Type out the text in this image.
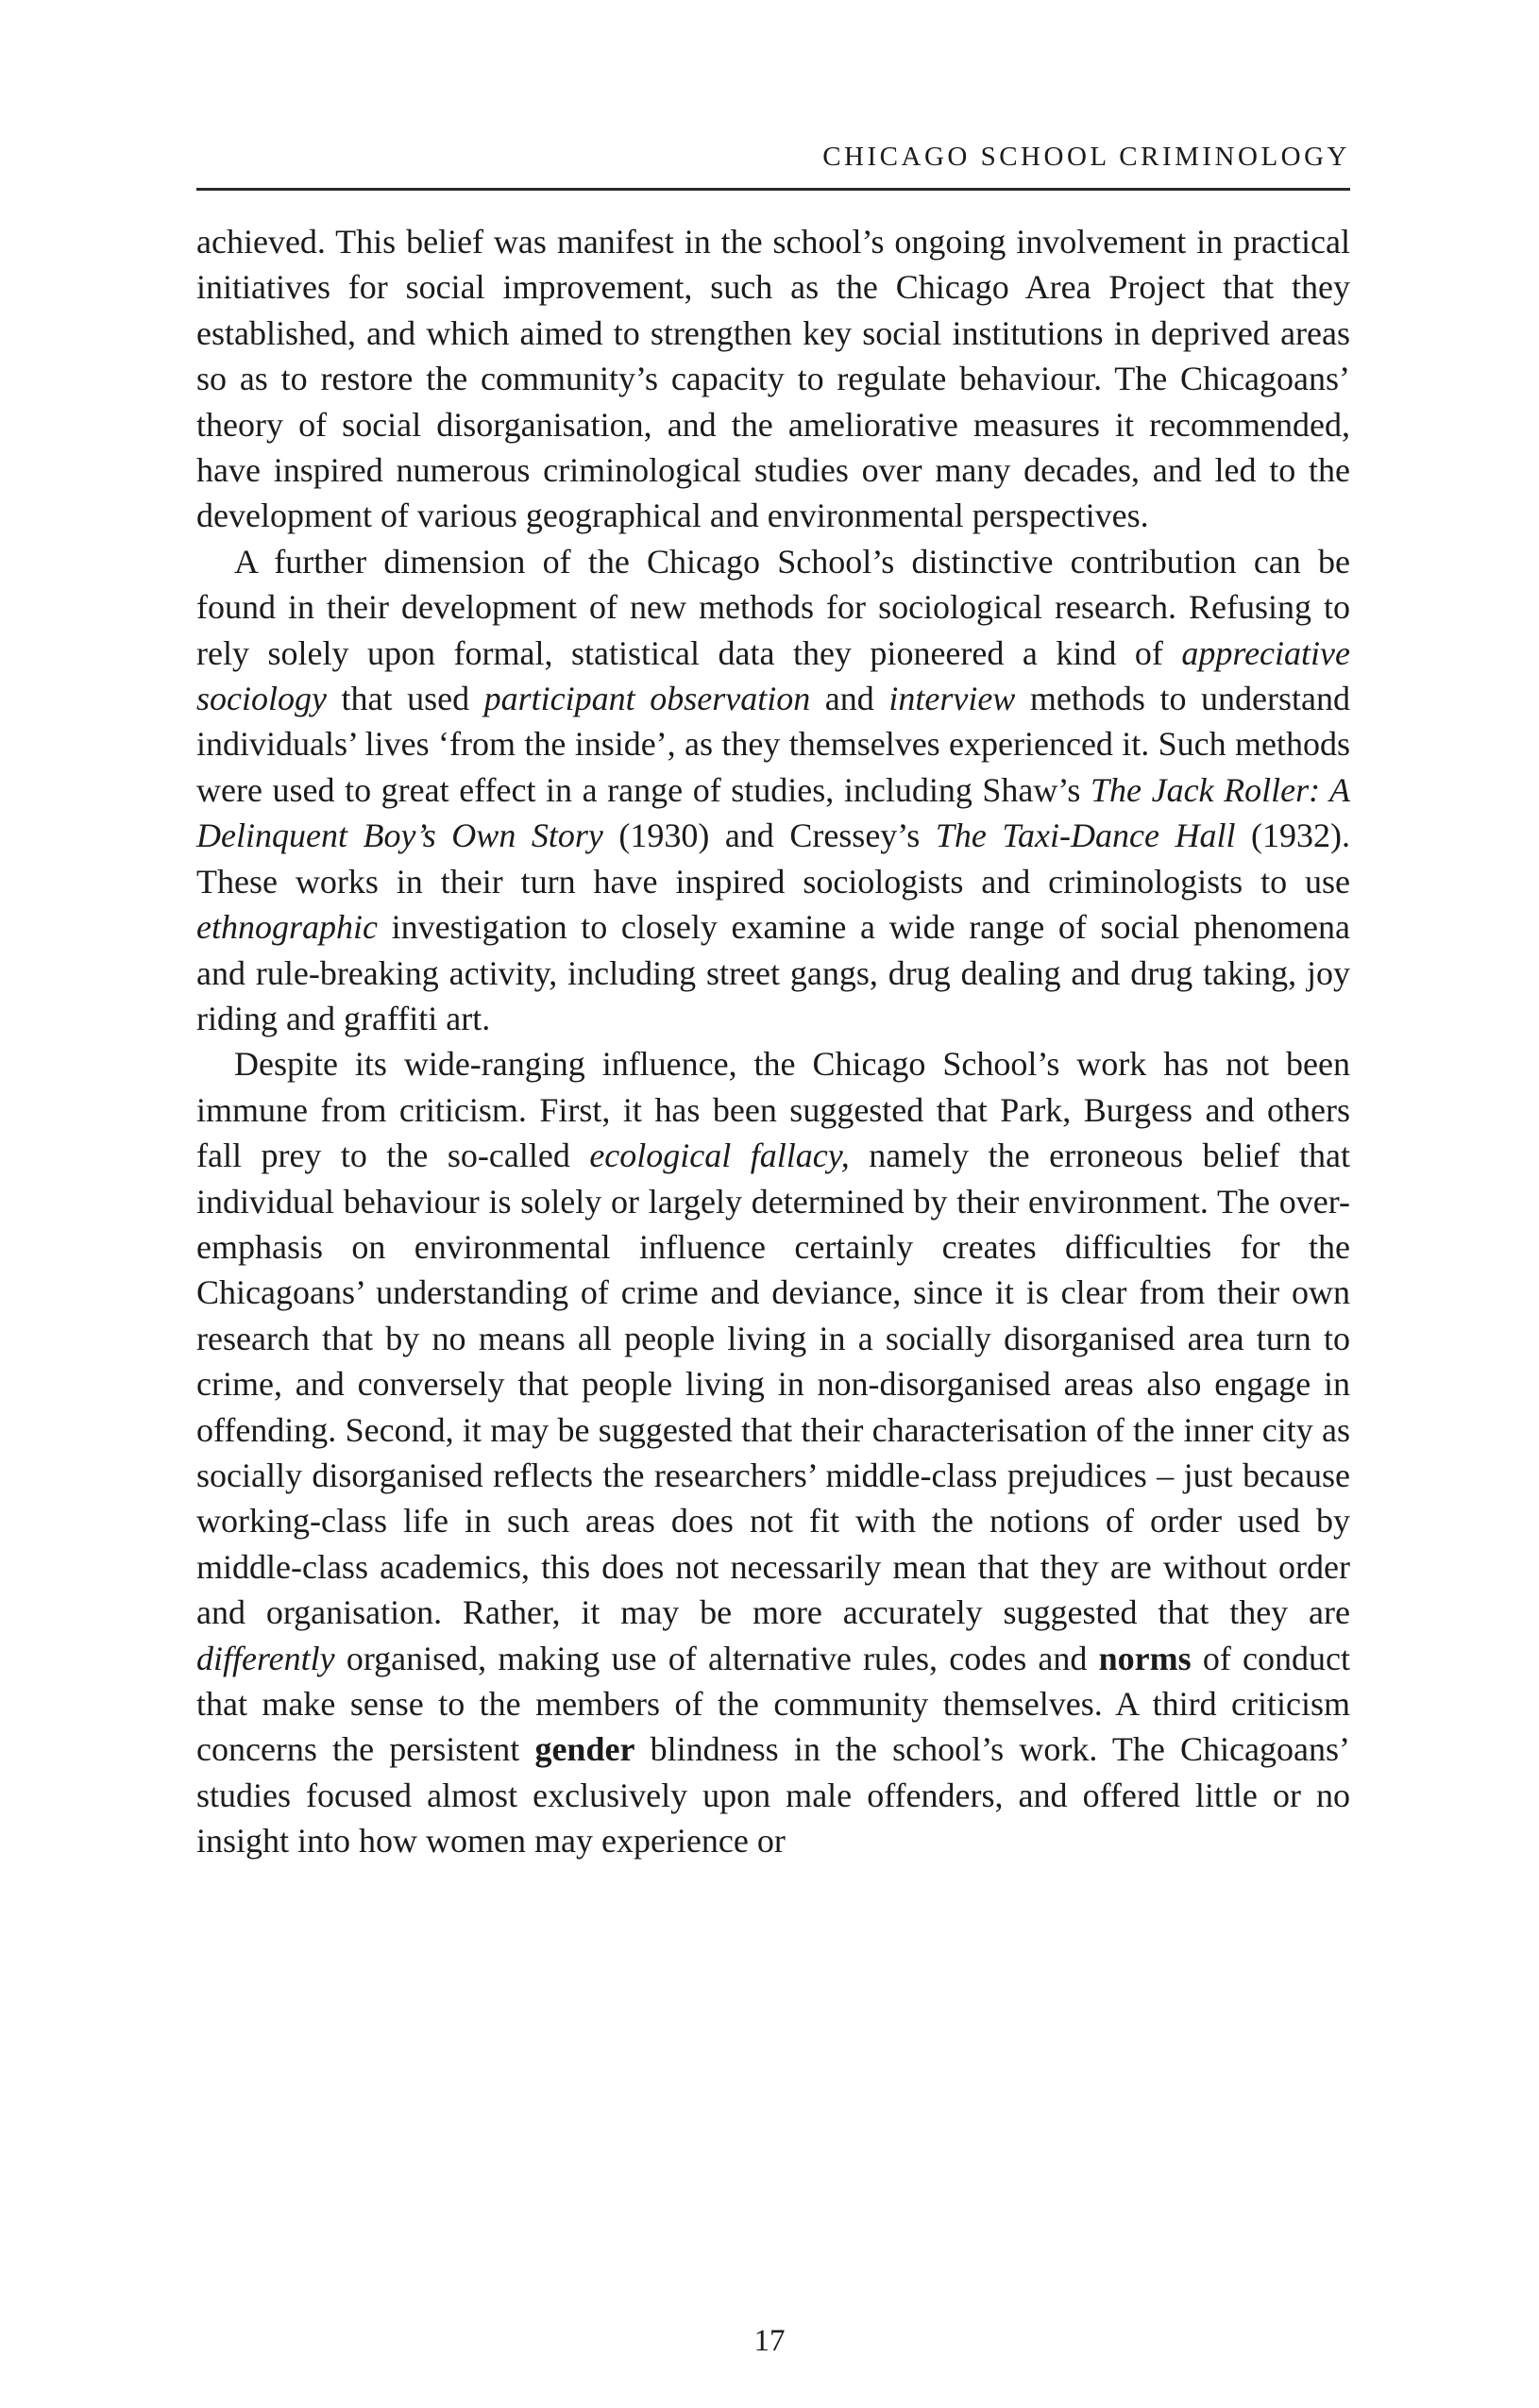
CHICAGO SCHOOL CRIMINOLOGY

achieved. This belief was manifest in the school’s ongoing involvement in practical initiatives for social improvement, such as the Chicago Area Project that they established, and which aimed to strengthen key social institutions in deprived areas so as to restore the community’s capacity to regulate behaviour. The Chicagoans’ theory of social disorganisation, and the ameliorative measures it recommended, have inspired numerous criminological studies over many decades, and led to the development of various geographical and environmental perspectives.

A further dimension of the Chicago School’s distinctive contribution can be found in their development of new methods for sociological research. Refusing to rely solely upon formal, statistical data they pioneered a kind of appreciative sociology that used participant observation and interview methods to understand individuals’ lives ‘from the inside’, as they themselves experienced it. Such methods were used to great effect in a range of studies, including Shaw’s The Jack Roller: A Delinquent Boy’s Own Story (1930) and Cressey’s The Taxi-Dance Hall (1932). These works in their turn have inspired sociologists and criminologists to use ethnographic investigation to closely examine a wide range of social phenomena and rule-breaking activity, including street gangs, drug dealing and drug taking, joy riding and graffiti art.

Despite its wide-ranging influence, the Chicago School’s work has not been immune from criticism. First, it has been suggested that Park, Burgess and others fall prey to the so-called ecological fallacy, namely the erroneous belief that individual behaviour is solely or largely determined by their environment. The over-emphasis on environmental influence certainly creates difficulties for the Chicagoans’ understanding of crime and deviance, since it is clear from their own research that by no means all people living in a socially disorganised area turn to crime, and conversely that people living in non-disorganised areas also engage in offending. Second, it may be suggested that their characterisation of the inner city as socially disorganised reflects the researchers’ middle-class prejudices – just because working-class life in such areas does not fit with the notions of order used by middle-class academics, this does not necessarily mean that they are without order and organisation. Rather, it may be more accurately suggested that they are differently organised, making use of alternative rules, codes and norms of conduct that make sense to the members of the community themselves. A third criticism concerns the persistent gender blindness in the school’s work. The Chicagoans’ studies focused almost exclusively upon male offenders, and offered little or no insight into how women may experience or

17
